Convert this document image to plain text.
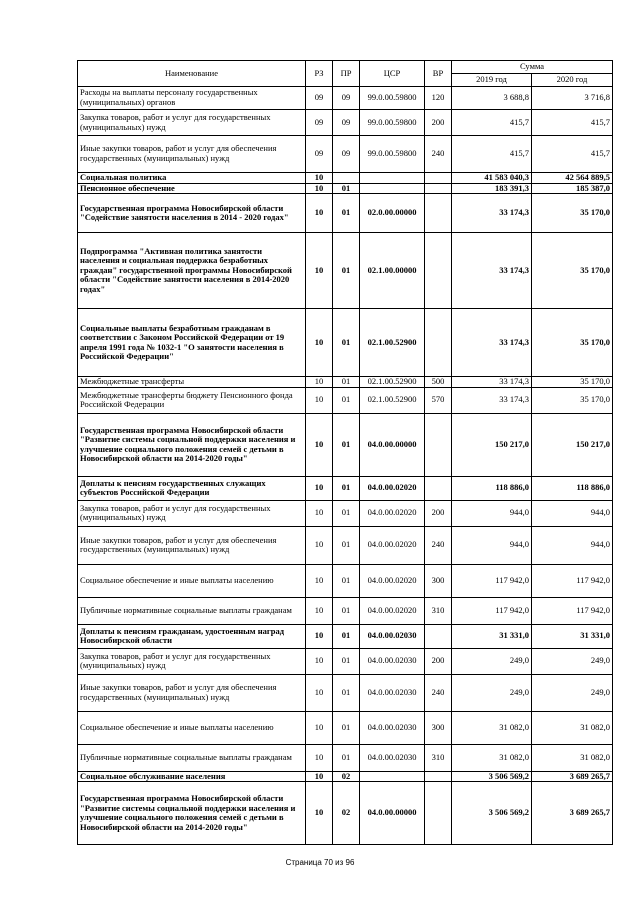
Наименование	РЗ	ПР	ЦСР	ВР	Сумма	
					2019 год	2020 год
Расходы на выплаты персоналу государственных (муниципальных) органов	09	09	99.0.00.59800	120	3 688,8	3 716,8
Закупка товаров, работ и услуг для государственных (муниципальных) нужд	09	09	99.0.00.59800	200	415,7	415,7
Иные закупки товаров, работ и услуг для обеспечения государственных (муниципальных) нужд	09	09	99.0.00.59800	240	415,7	415,7
Социальная политика	10				41 583 040,3	42 564 889,5
Пенсионное обеспечение	10	01			183 391,3	185 387,0
Государственная программа Новосибирской области "Содействие занятости населения в 2014 - 2020 годах"	10	01	02.0.00.00000		33 174,3	35 170,0
Подпрограмма "Активная политика занятости населения и социальная поддержка безработных граждан" государственной программы Новосибирской области "Содействие занятости населения в 2014-2020 годах"	10	01	02.1.00.00000		33 174,3	35 170,0
Социальные выплаты безработным гражданам в соответствии с Законом Российской Федерации от 19 апреля 1991 года № 1032-1 "О занятости населения в Российской Федерации"	10	01	02.1.00.52900		33 174,3	35 170,0
Межбюджетные трансферты	10	01	02.1.00.52900	500	33 174,3	35 170,0
Межбюджетные трансферты бюджету Пенсионного фонда Российской Федерации	10	01	02.1.00.52900	570	33 174,3	35 170,0
Государственная программа Новосибирской области "Развитие системы социальной поддержки населения и улучшение социального положения семей с детьми в Новосибирской области на 2014-2020 годы"	10	01	04.0.00.00000		150 217,0	150 217,0
Доплаты к пенсиям государственных служащих субъектов Российской Федерации	10	01	04.0.00.02020		118 886,0	118 886,0
Закупка товаров, работ и услуг для государственных (муниципальных) нужд	10	01	04.0.00.02020	200	944,0	944,0
Иные закупки товаров, работ и услуг для обеспечения государственных (муниципальных) нужд	10	01	04.0.00.02020	240	944,0	944,0
Социальное обеспечение и иные выплаты населению	10	01	04.0.00.02020	300	117 942,0	117 942,0
Публичные нормативные социальные выплаты гражданам	10	01	04.0.00.02020	310	117 942,0	117 942,0
Доплаты к пенсиям гражданам, удостоенным наград Новосибирской области	10	01	04.0.00.02030		31 331,0	31 331,0
Закупка товаров, работ и услуг для государственных (муниципальных) нужд	10	01	04.0.00.02030	200	249,0	249,0
Иные закупки товаров, работ и услуг для обеспечения государственных (муниципальных) нужд	10	01	04.0.00.02030	240	249,0	249,0
Социальное обеспечение и иные выплаты населению	10	01	04.0.00.02030	300	31 082,0	31 082,0
Публичные нормативные социальные выплаты гражданам	10	01	04.0.00.02030	310	31 082,0	31 082,0
Социальное обслуживание населения	10	02			3 506 569,2	3 689 265,7
Государственная программа Новосибирской области "Развитие системы социальной поддержки населения и улучшение социального положения семей с детьми в Новосибирской области на 2014-2020 годы"	10	02	04.0.00.00000		3 506 569,2	3 689 265,7
Страница 70 из 96
